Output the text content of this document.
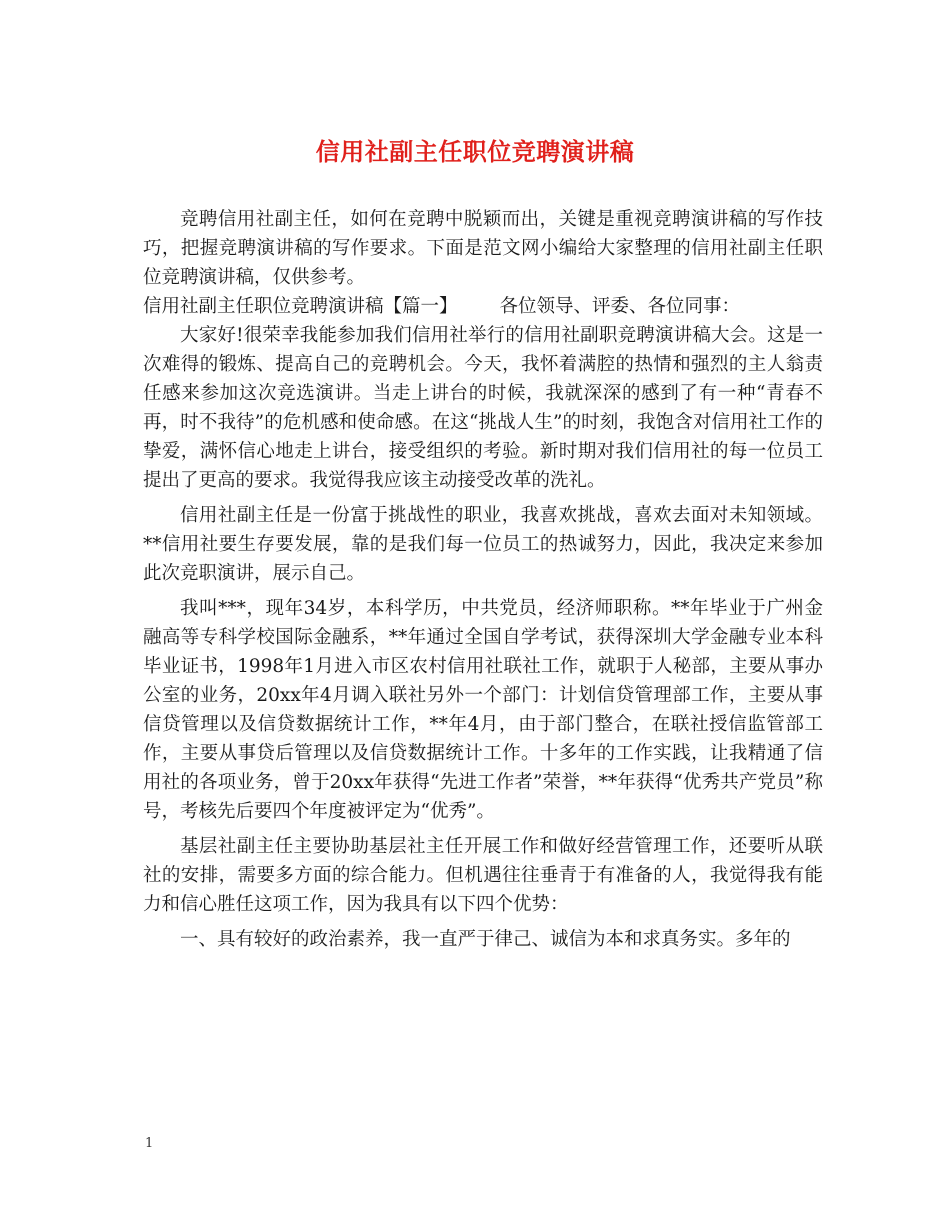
信用社副主任职位竞聘演讲稿

竞聘信用社副主任，如何在竞聘中脱颖而出，关键是重视竞聘演讲稿的写作技巧，把握竞聘演讲稿的写作要求。下面是范文网小编给大家整理的信用社副主任职位竞聘演讲稿，仅供参考。

信用社副主任职位竞聘演讲稿【篇一】 各位领导、评委、各位同事：

大家好!很荣幸我能参加我们信用社举行的信用社副职竞聘演讲稿大会。这是一次难得的锻炼、提高自己的竞聘机会。今天，我怀着满腔的热情和强烈的主人翁责任感来参加这次竞选演讲。当走上讲台的时候，我就深深的感到了有一种“青春不再，时不我待”的危机感和使命感。在这“挑战人生”的时刻，我饱含对信用社工作的挚爱，满怀信心地走上讲台，接受组织的考验。新时期对我们信用社的每一位员工提出了更高的要求。我觉得我应该主动接受改革的洗礼。

信用社副主任是一份富于挑战性的职业，我喜欢挑战，喜欢去面对未知领域。**信用社要生存要发展，靠的是我们每一位员工的热诚努力，因此，我决定来参加此次竞职演讲，展示自己。

我叫***，现年34岁，本科学历，中共党员，经济师职称。**年毕业于广州金融高等专科学校国际金融系，**年通过全国自学考试，获得深圳大学金融专业本科毕业证书，1998年1月进入市区农村信用社联社工作，就职于人秘部，主要从事办公室的业务，20xx年4月调入联社另外一个部门：计划信贷管理部工作，主要从事信贷管理以及信贷数据统计工作，**年4月，由于部门整合，在联社授信监管部工作，主要从事贷后管理以及信贷数据统计工作。十多年的工作实践，让我精通了信用社的各项业务，曾于20xx年获得“先进工作者”荣誉，**年获得“优秀共产党员”称号，考核先后要四个年度被评定为“优秀”。

基层社副主任主要协助基层社主任开展工作和做好经营管理工作，还要听从联社的安排，需要多方面的综合能力。但机遇往往垂青于有准备的人，我觉得我有能力和信心胜任这项工作，因为我具有以下四个优势：

一、具有较好的政治素养，我一直严于律己、诚信为本和求真务实。多年的

1
